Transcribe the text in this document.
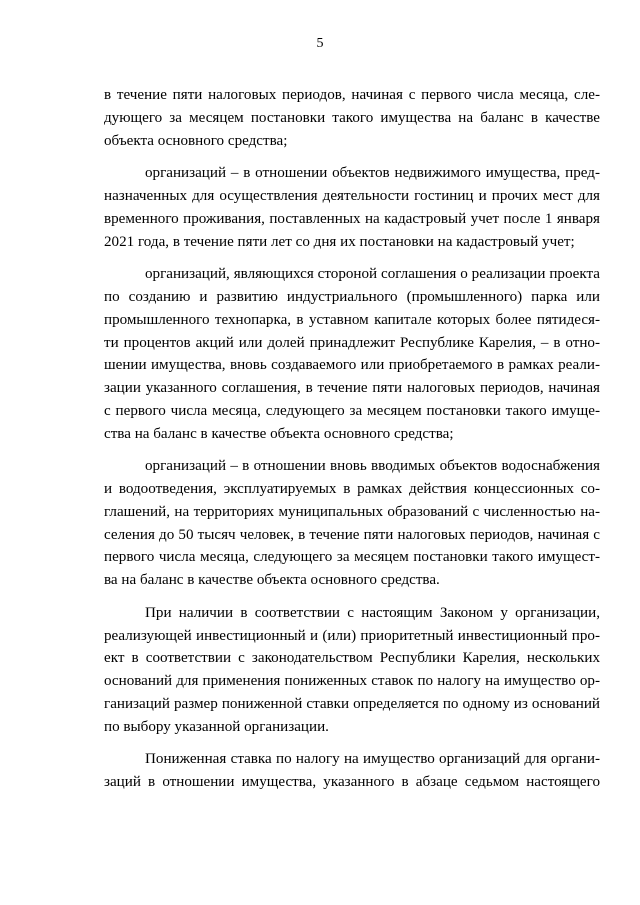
5
в течение пяти налоговых периодов, начиная с первого числа месяца, сле-
дующего за месяцем постановки такого имущества на баланс в качестве
объекта основного средства;
организаций – в отношении объектов недвижимого имущества, пред-
назначенных для осуществления деятельности гостиниц и прочих мест для
временного проживания, поставленных на кадастровый учет после 1 января
2021 года, в течение пяти лет со дня их постановки на кадастровый учет;
организаций, являющихся стороной соглашения о реализации проекта
по созданию и развитию индустриального (промышленного) парка или
промышленного технопарка, в уставном капитале которых более пятидеся-
ти процентов акций или долей принадлежит Республике Карелия, – в отно-
шении имущества, вновь создаваемого или приобретаемого в рамках реали-
зации указанного соглашения, в течение пяти налоговых периодов, начиная
с первого числа месяца, следующего за месяцем постановки такого имуще-
ства на баланс в качестве объекта основного средства;
организаций – в отношении вновь вводимых объектов водоснабжения
и водоотведения, эксплуатируемых в рамках действия концессионных со-
глашений, на территориях муниципальных образований с численностью на-
селения до 50 тысяч человек, в течение пяти налоговых периодов, начиная с
первого числа месяца, следующего за месяцем постановки такого имущест-
ва на баланс в качестве объекта основного средства.
При наличии в соответствии с настоящим Законом у организации,
реализующей инвестиционный и (или) приоритетный инвестиционный про-
ект в соответствии с законодательством Республики Карелия, нескольких
оснований для применения пониженных ставок по налогу на имущество ор-
ганизаций размер пониженной ставки определяется по одному из оснований
по выбору указанной организации.
Пониженная ставка по налогу на имущество организаций для органи-
заций в отношении имущества, указанного в абзаце седьмом настоящего
